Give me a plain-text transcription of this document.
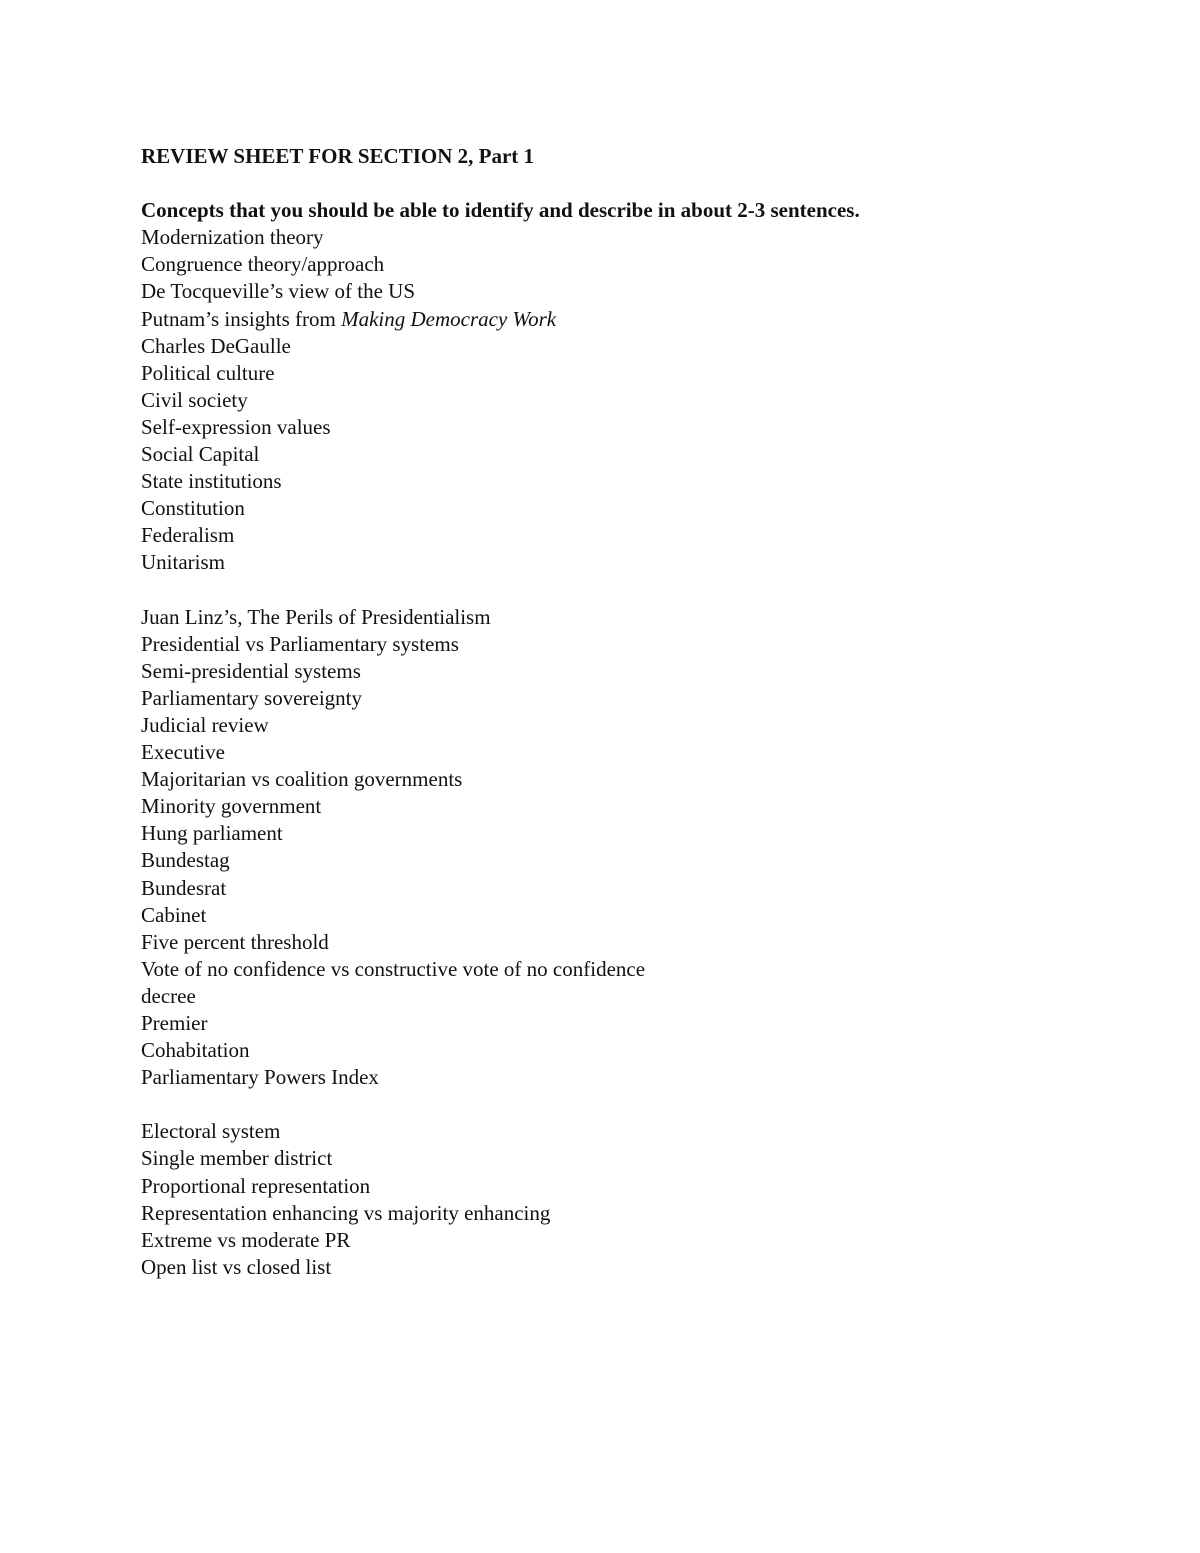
REVIEW SHEET FOR SECTION 2, Part 1
Concepts that you should be able to identify and describe in about 2-3 sentences.
Modernization theory
Congruence theory/approach
De Tocqueville’s view of the US
Putnam’s insights from Making Democracy Work
Charles DeGaulle
Political culture
Civil society
Self-expression values
Social Capital
State institutions
Constitution
Federalism
Unitarism
Juan Linz’s, The Perils of Presidentialism
Presidential vs Parliamentary systems
Semi-presidential systems
Parliamentary sovereignty
Judicial review
Executive
Majoritarian vs coalition governments
Minority government
Hung parliament
Bundestag
Bundesrat
Cabinet
Five percent threshold
Vote of no confidence vs constructive vote of no confidence
decree
Premier
Cohabitation
Parliamentary Powers Index
Electoral system
Single member district
Proportional representation
Representation enhancing vs majority enhancing
Extreme vs moderate PR
Open list vs closed list
